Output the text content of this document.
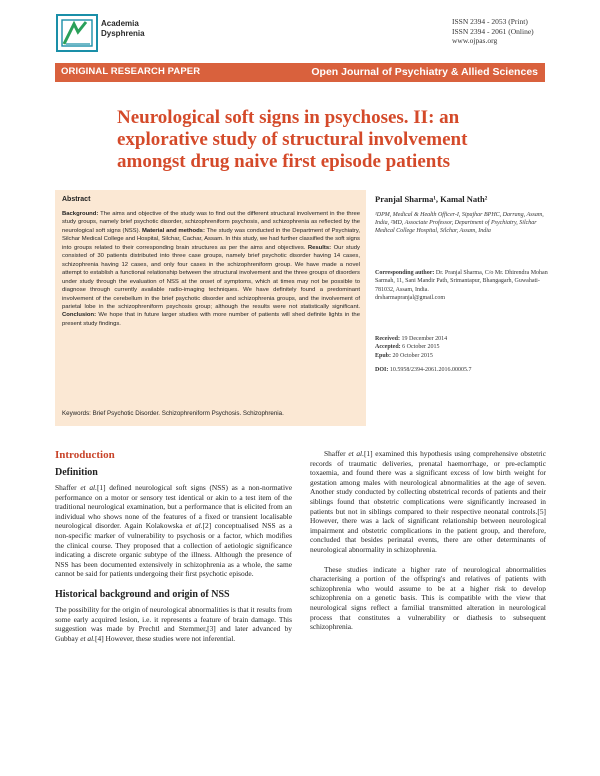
Academia
Dysphrenia
ISSN 2394 - 2053 (Print)
ISSN 2394 - 2061 (Online)
www.ojpas.org
ORIGINAL RESEARCH PAPER	Open Journal of Psychiatry & Allied Sciences
Neurological soft signs in psychoses. II: an explorative study of structural involvement amongst drug naive first episode patients
Abstract
Background: The aims and objective of the study was to find out the different structural involvement in the three study groups, namely brief psychotic disorder, schizophreniform psychosis, and schizophrenia as reflected by the neurological soft signs (NSS). Material and methods: The study was conducted in the Department of Psychiatry, Silchar Medical College and Hospital, Silchar, Cachar, Assam. In this study, we had further classified the soft signs into groups related to their corresponding brain structures as per the aims and objectives. Results: Our study consisted of 30 patients distributed into three case groups, namely brief psychotic disorder having 14 cases, schizophrenia having 12 cases, and only four cases in the schizophreniform group. We have made a novel attempt to establish a functional relationship between the structural involvement and the three groups of disorders under study through the evaluation of NSS at the onset of symptoms, which at times may not be possible to diagnose through currently available radio-imaging techniques. We have definitely found a predominant involvement of the cerebellum in the brief psychotic disorder and schizophrenia groups, and the involvement of parietal lobe in the schizophreniform psychosis group; although the results were not statistically significant. Conclusion: We hope that in future larger studies with more number of patients will shed definite lights in the present study findings.
Keywords: Brief Psychotic Disorder. Schizophreniform Psychosis. Schizophrenia.
Pranjal Sharma¹, Kamal Nath²
¹DPM, Medical & Health Officer-I, Sipajhar BPHC, Darrang, Assam, India, ²MD, Associate Professor, Department of Psychiatry, Silchar Medical College Hospital, Silchar, Assam, India
Corresponding author: Dr. Pranjal Sharma, C/o Mr. Dhirendra Mohan Sarmah, 11, Sani Mandir Path, Srimantapur, Bhangagarh, Guwahati-781032, Assam, India.
drsharmapranjal@gmail.com
Received: 19 December 2014
Accepted: 6 October 2015
Epub: 20 October 2015
DOI: 10.5958/2394-2061.2016.00005.7
Introduction
Definition

Shaffer et al.[1] defined neurological soft signs (NSS) as a non-normative performance on a motor or sensory test identical or akin to a test item of the traditional neurological examination, but a performance that is elicited from an individual who shows none of the features of a fixed or transient localisable neurological disorder. Again Kolakowska et al.[2] conceptualised NSS as a non-specific marker of vulnerability to psychosis or a factor, which modifies the clinical course. They proposed that a collection of aetiologic significance indicating a discrete organic subtype of the illness. Although the presence of NSS has been documented extensively in schizophrenia as a whole, the same cannot be said for patients undergoing their first psychotic episode.

Historical background and origin of NSS

The possibility for the origin of neurological abnormalities is that it results from some early acquired lesion, i.e. it represents a feature of brain damage. This suggestion was made by Prechtl and Stemmer,[3] and later advanced by Gubbay et al.[4] However, these studies were not inferential.

Shaffer et al.[1] examined this hypothesis using comprehensive obstetric records of traumatic deliveries, prenatal haemorrhage, or pre-eclamptic toxaemia, and found there was a significant excess of low birth weight for gestation among males with neurological abnormalities at the age of seven. Another study conducted by collecting obstetrical records of patients and their siblings found that obstetric complications were significantly increased in patients but not in siblings compared to their respective neonatal controls.[5] However, there was a lack of significant relationship between neurological impairment and obstetric complications in the patient group, and therefore, concluded that besides perinatal events, there are other determinants of neurological abnormality in schizophrenia.

These studies indicate a higher rate of neurological abnormalities characterising a portion of the offspring's and relatives of patients with schizophrenia who would assume to be at a higher risk to develop schizophrenia on a genetic basis. This is compatible with the view that neurological signs reflect a familial transmitted alteration in neurological process that constitutes a vulnerability or diathesis to subsequent schizophrenia.
